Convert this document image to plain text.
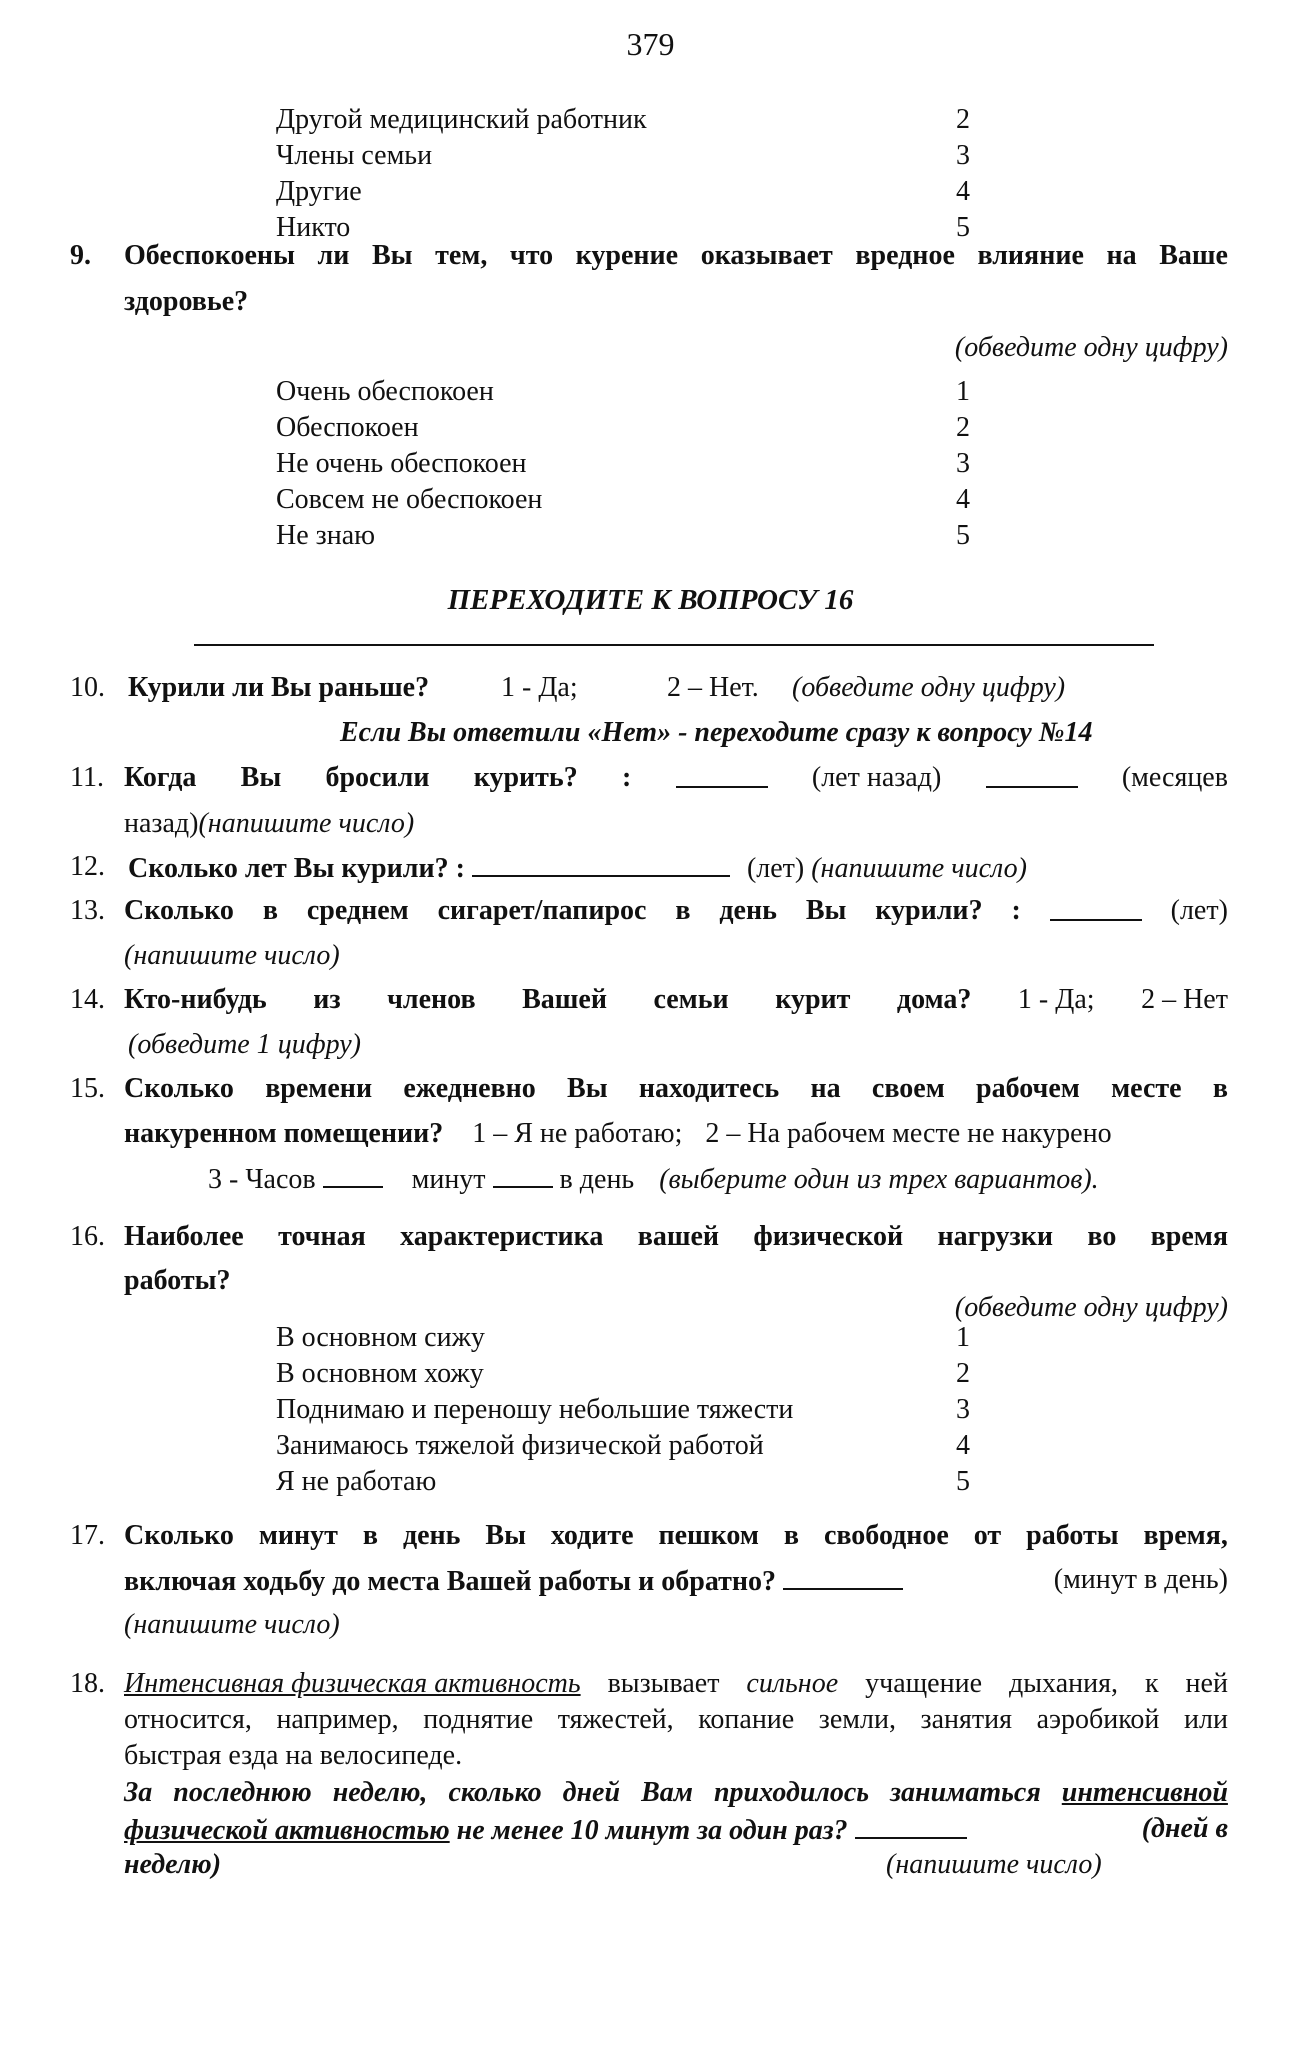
379
Другой медицинский работник	2
Члены семьи	3
Другие	4
Никто	5
9. Обеспокоены ли Вы тем, что курение оказывает вредное влияние на Ваше
здоровье?
(обведите одну цифру)
Очень обеспокоен	1
Обеспокоен	2
Не очень обеспокоен	3
Совсем не обеспокоен	4
Не знаю	5
ПЕРЕХОДИТЕ К ВОПРОСУ 16
10. Курили ли Вы раньше?	1 - Да;	2 – Нет. (обведите одну цифру)
Если Вы ответили «Нет» - переходите сразу к вопросу №14
11. Когда Вы бросили курить? :	(лет назад)	(месяцев
назад)(напишите число)
12. Сколько лет Вы курили? :	(лет) (напишите число)
13. Сколько в среднем сигарет/папирос в день Вы курили? :	(лет)
(напишите число)
14. Кто-нибудь из членов Вашей семьи курит дома? 1 - Да; 2 – Нет
(обведите 1 цифру)
15. Сколько времени ежедневно Вы находитесь на своем рабочем месте в
накуренном помещении? 1 – Я не работаю; 2 – На рабочем месте не накурено
3 - Часов	минут	в день (выберите один из трех вариантов).
16. Наиболее точная характеристика вашей физической нагрузки во время
работы?
(обведите одну цифру)
В основном сижу	1
В основном хожу	2
Поднимаю и переношу небольшие тяжести	3
Занимаюсь тяжелой физической работой	4
Я не работаю	5
17. Сколько минут в день Вы ходите пешком в свободное от работы время,
включая ходьбу до места Вашей работы и обратно?	(минут в день)
(напишите число)
18. Интенсивная физическая активность вызывает сильное учащение дыхания, к ней
относится, например, поднятие тяжестей, копание земли, занятия аэробикой или
быстрая езда на велосипеде.
За последнюю неделю, сколько дней Вам приходилось заниматься интенсивной
физической активностью не менее 10 минут за один раз?	(дней в
неделю)	(напишите число)
